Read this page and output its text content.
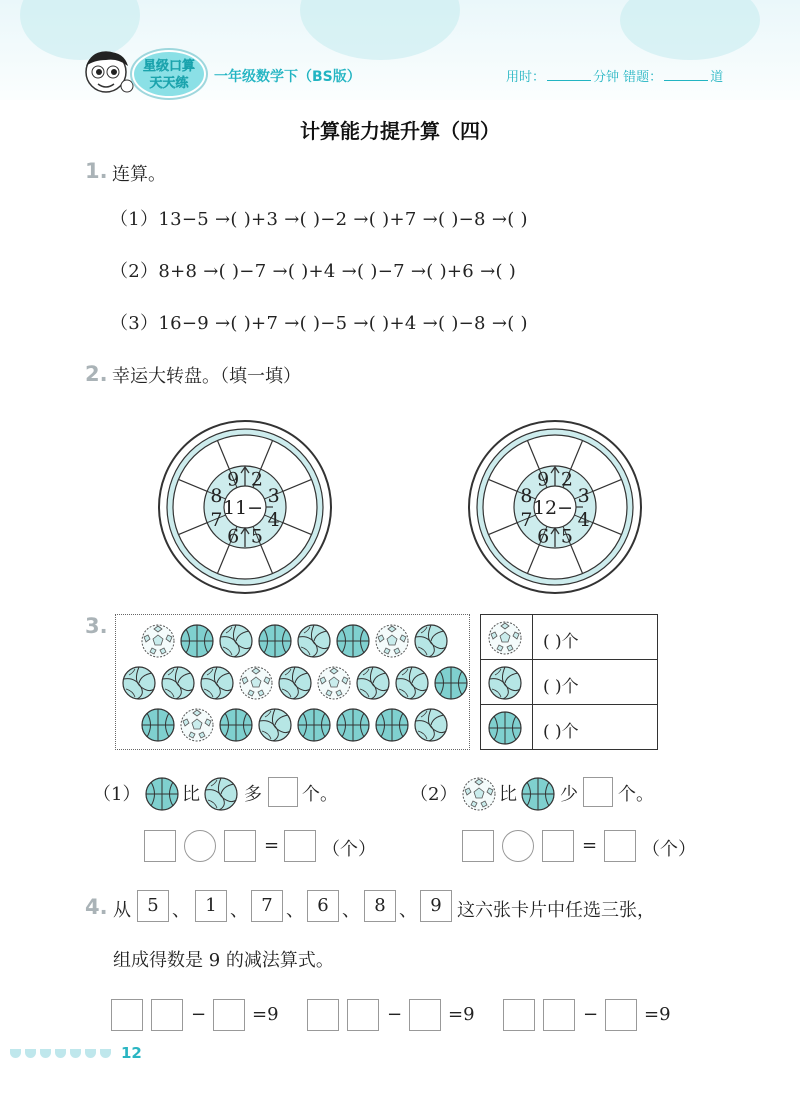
星级口算
天天练	一年级数学下（BS版）	用时：	分钟 错题：	道
计算能力提升算（四）
1. 连算。
（1）13−5 →( )+3 →( )−2 →( )+7 →( )−8 →( )
（2）8+8 →( )−7 →( )+4 →( )−7 →( )+6 →( )
（3）16−9 →( )+7 →( )−5 →( )+4 →( )−8 →( )
2. 幸运大转盘。（填一填）
9 2
3
4
5
6
7
8
11−
9 2
3
4
5
6
7
8
12−
3.
( )个
( )个
( )个
（1） 比 多 个。	（2） 比 少 个。
= （个）	= （个）
4. 从 5 、 1 、 7 、 6 、 8 、 9 这六张卡片中任选三张，
组成得数是 9 的减法算式。
−	=9	−	=9	−	=9
12
